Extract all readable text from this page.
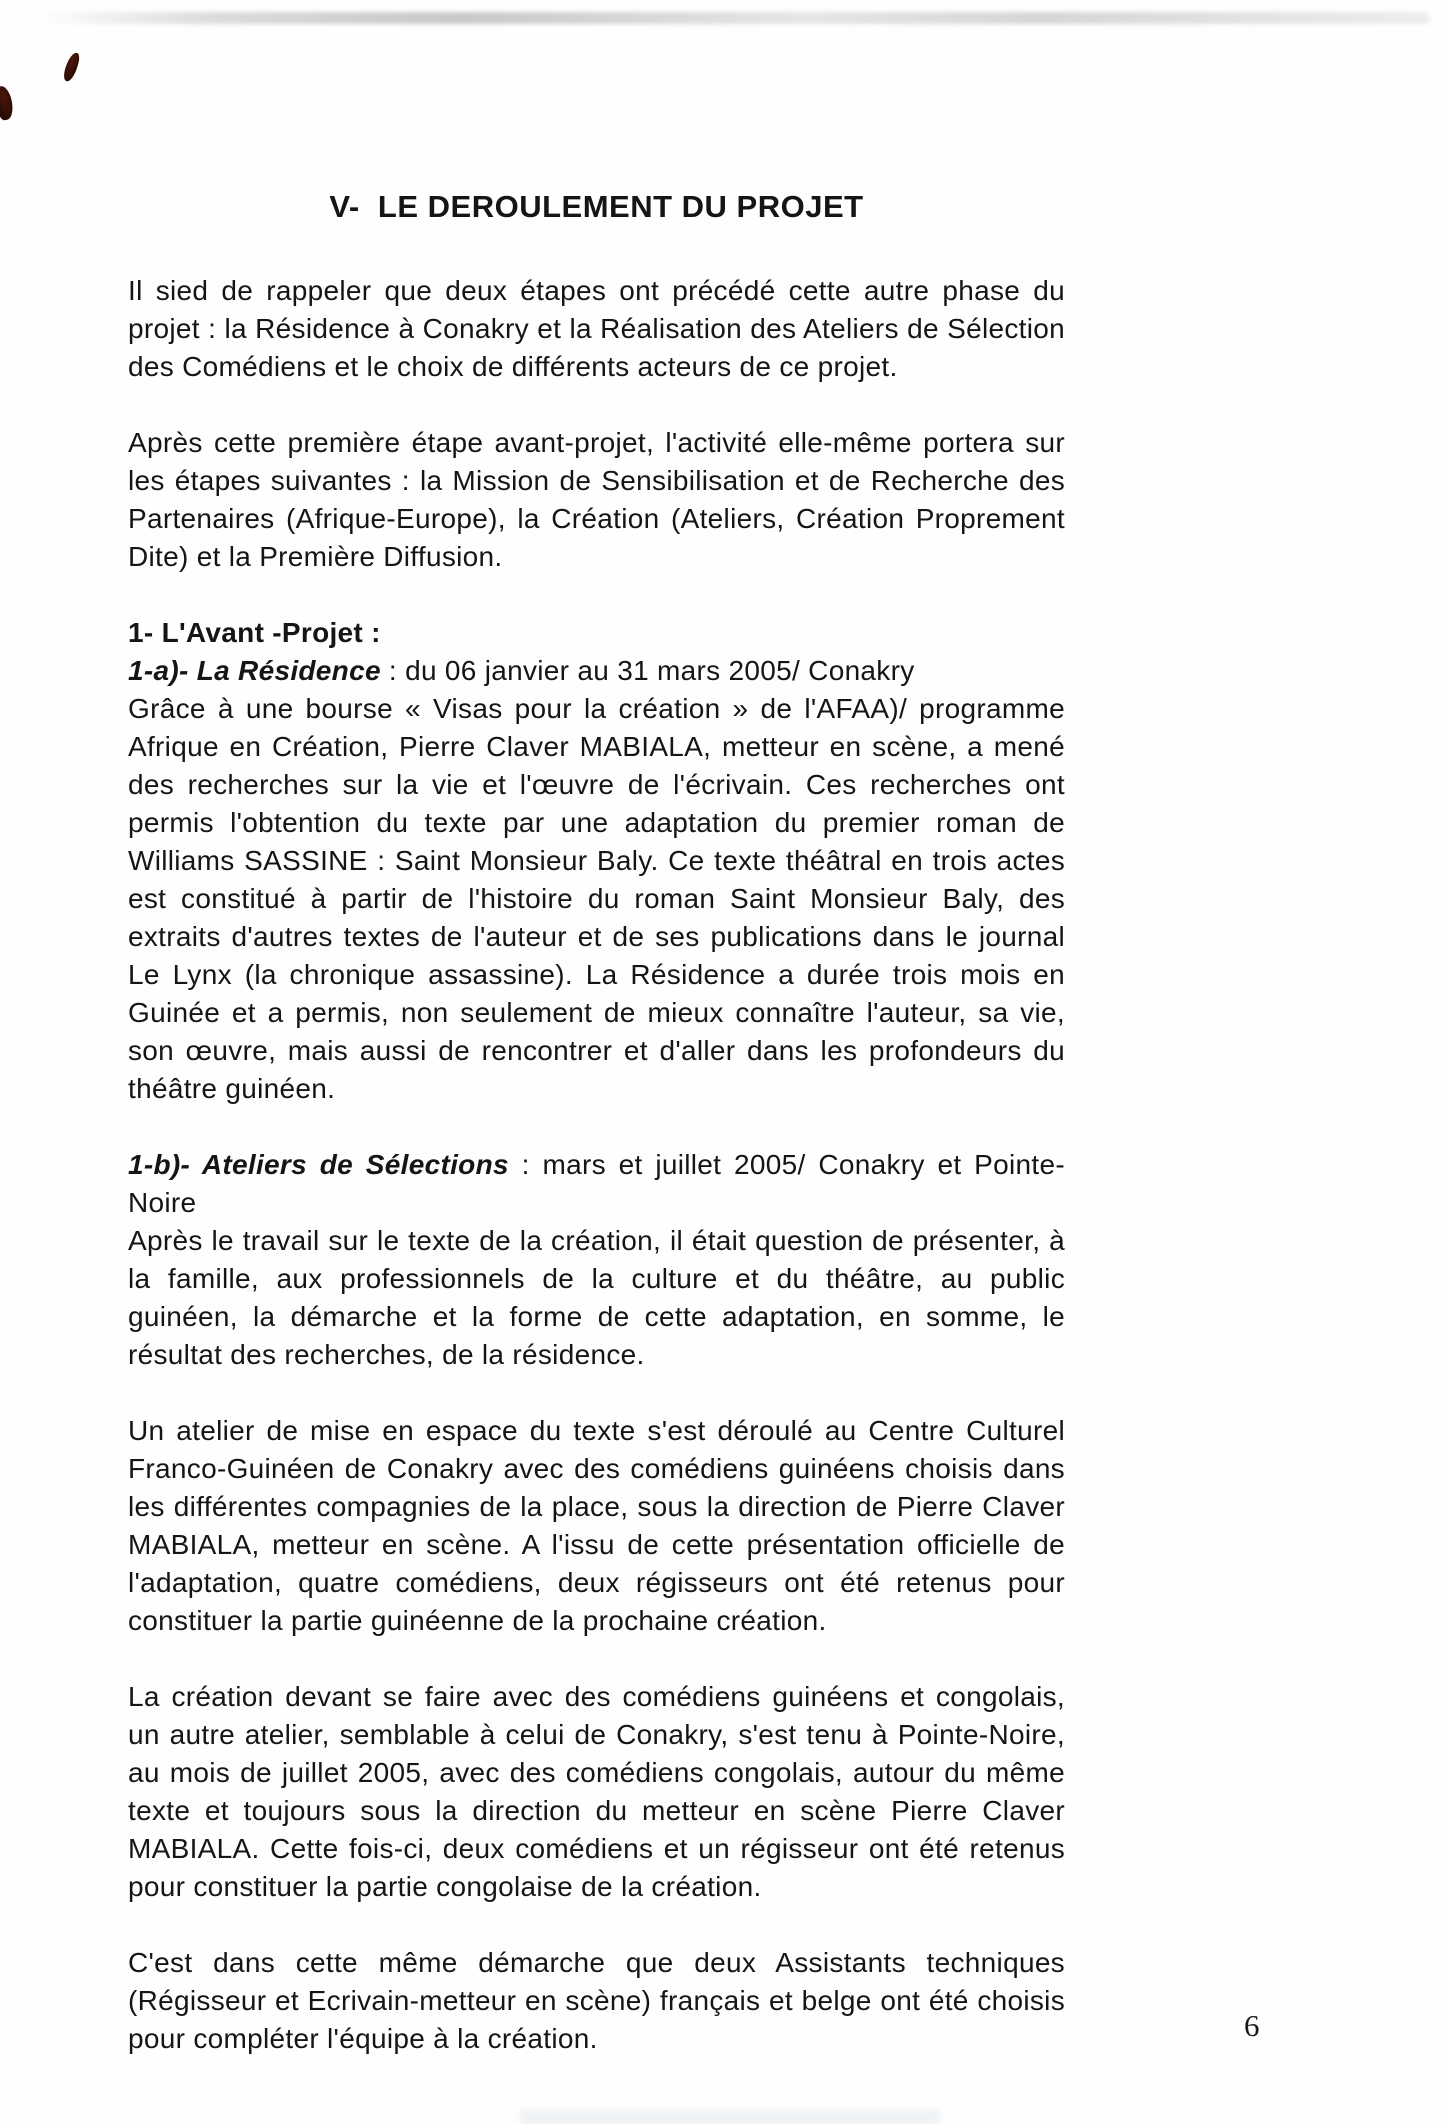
V-  LE DEROULEMENT DU PROJET

Il sied de rappeler que deux étapes ont précédé cette autre phase du projet : la Résidence à Conakry et la Réalisation des Ateliers de Sélection des Comédiens et le choix de différents acteurs de ce projet.

Après cette première étape avant-projet, l'activité elle-même portera sur les étapes suivantes : la Mission de Sensibilisation et de Recherche des Partenaires (Afrique-Europe), la Création (Ateliers, Création Proprement Dite) et la Première Diffusion.

1- L'Avant -Projet :
1-a)- La Résidence : du 06 janvier au 31 mars 2005/ Conakry

Grâce à une bourse « Visas pour la création » de l'AFAA)/ programme Afrique en Création, Pierre Claver MABIALA, metteur en scène, a mené des recherches sur la vie et l'œuvre de l'écrivain. Ces recherches ont permis l'obtention du texte par une adaptation du premier roman de Williams SASSINE : Saint Monsieur Baly. Ce texte théâtral en trois actes est constitué à partir de l'histoire du roman Saint Monsieur Baly, des extraits d'autres textes de l'auteur et de ses publications dans le journal Le Lynx (la chronique assassine). La Résidence a durée trois mois en Guinée et a permis, non seulement de mieux connaître l'auteur, sa vie, son œuvre, mais aussi de rencontrer et d'aller dans les profondeurs du théâtre guinéen.

1-b)- Ateliers de Sélections : mars et juillet 2005/ Conakry et Pointe-Noire

Après le travail sur le texte de la création, il était question de présenter, à la famille, aux professionnels de la culture et du théâtre, au public guinéen, la démarche et la forme de cette adaptation, en somme, le résultat des recherches, de la résidence.

Un atelier de mise en espace du texte s'est déroulé au Centre Culturel Franco-Guinéen de Conakry avec des comédiens guinéens choisis dans les différentes compagnies de la place, sous la direction de Pierre Claver MABIALA, metteur en scène. A l'issu de cette présentation officielle de l'adaptation, quatre comédiens, deux régisseurs ont été retenus pour constituer la partie guinéenne de la prochaine création.

La création devant se faire avec des comédiens guinéens et congolais, un autre atelier, semblable à celui de Conakry, s'est tenu à Pointe-Noire, au mois de juillet 2005, avec des comédiens congolais, autour du même texte et toujours sous la direction du metteur en scène Pierre Claver MABIALA. Cette fois-ci, deux comédiens et un régisseur ont été retenus pour constituer la partie congolaise de la création.

C'est dans cette même démarche que deux Assistants techniques (Régisseur et Ecrivain-metteur en scène) français et belge ont été choisis pour compléter l'équipe à la création.	6
